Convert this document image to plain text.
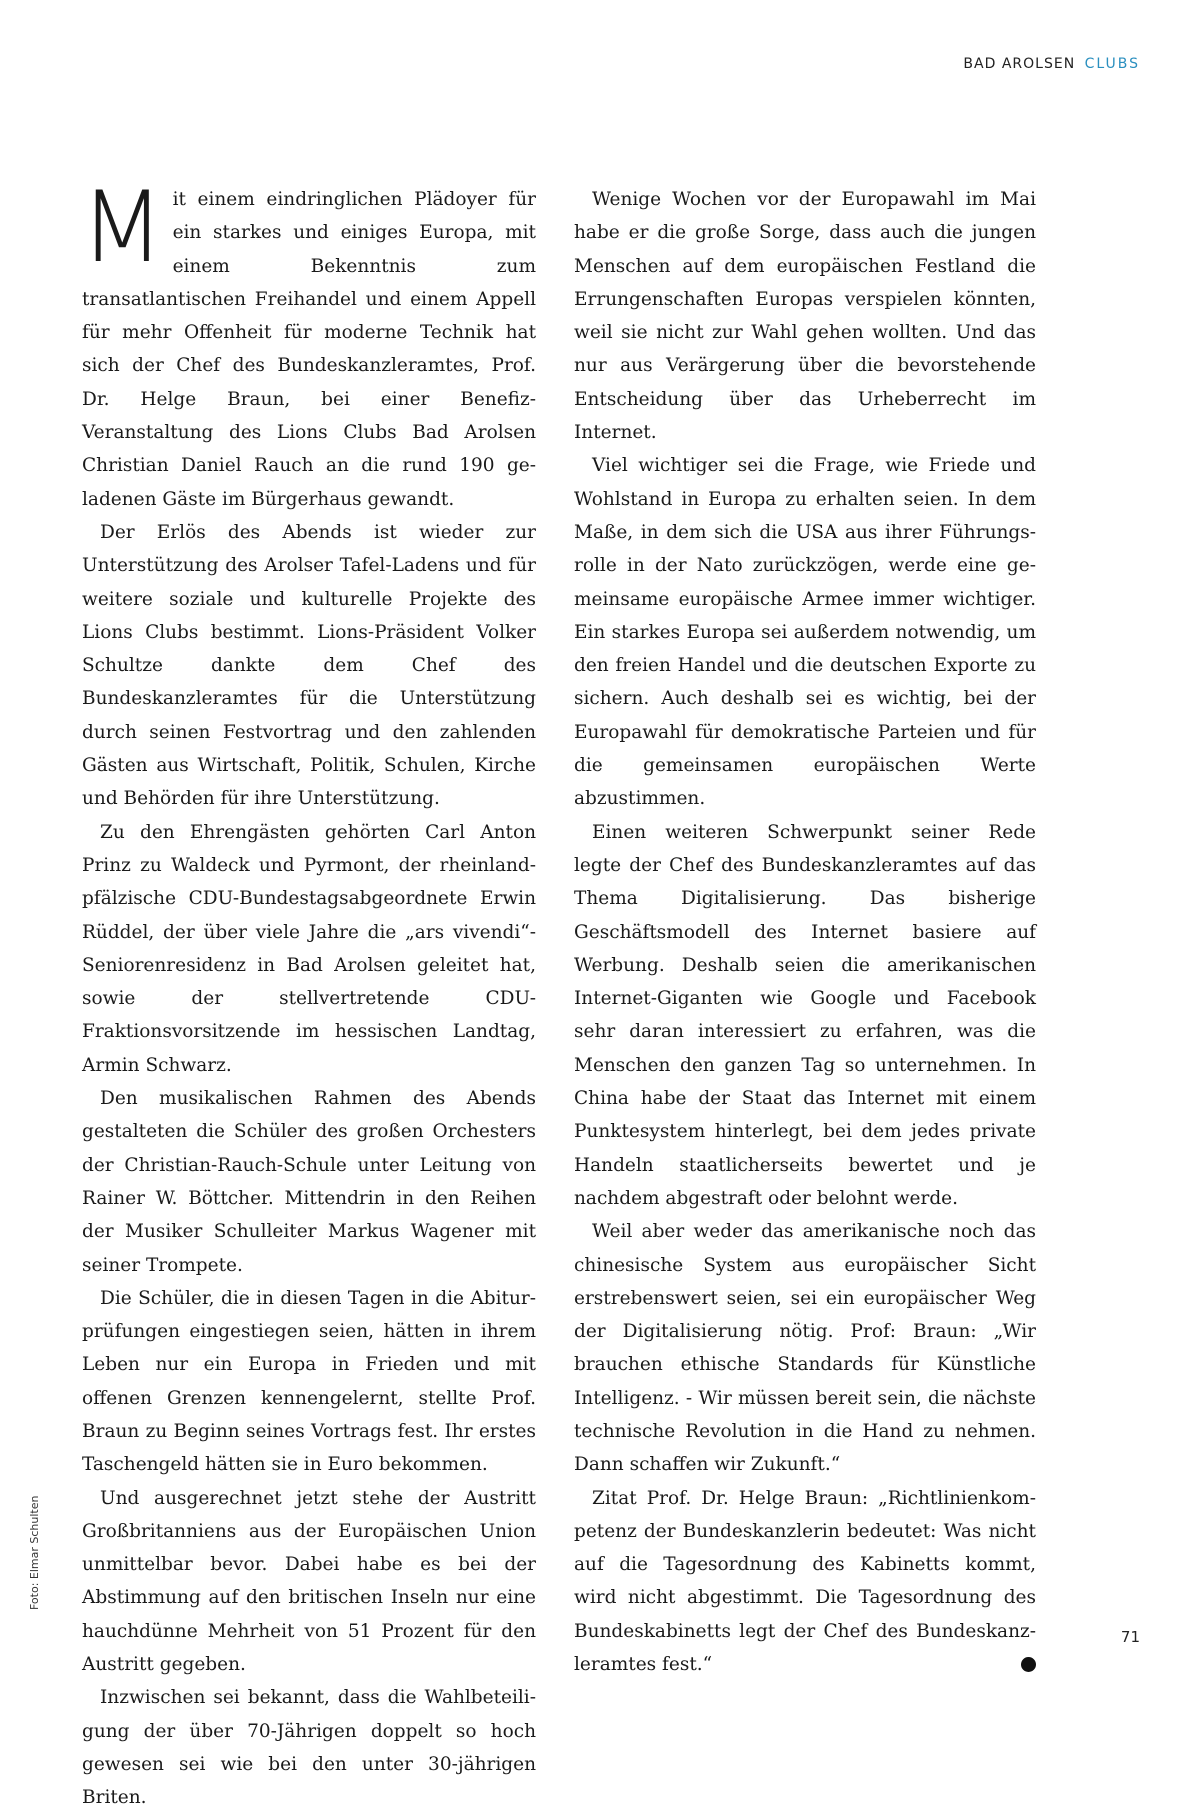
BAD AROLSEN CLUBS

Mit einem eindringlichen Plädoyer für ein starkes und einiges Europa, mit einem Bekenntnis zum transatlantischen Freihandel und einem Appell für mehr Offenheit für moderne Technik hat sich der Chef des Bundeskanzleramtes, Prof. Dr. Helge Braun, bei einer Benefiz-Veranstaltung des Lions Clubs Bad Arolsen Christian Daniel Rauch an die rund 190 geladenen Gäste im Bürgerhaus gewandt.

Der Erlös des Abends ist wieder zur Unterstützung des Arolser Tafel-Ladens und für weitere soziale und kulturelle Projekte des Lions Clubs bestimmt. Lions-Präsident Volker Schultze dankte dem Chef des Bundeskanzleramtes für die Unterstützung durch seinen Festvortrag und den zahlenden Gästen aus Wirtschaft, Politik, Schulen, Kirche und Behörden für ihre Unterstützung.

Zu den Ehrengästen gehörten Carl Anton Prinz zu Waldeck und Pyrmont, der rheinland-pfälzische CDU-Bundestagsabgeordnete Erwin Rüddel, der über viele Jahre die „ars vivendi“-Seniorenresidenz in Bad Arolsen geleitet hat, sowie der stellvertretende CDU-Fraktionsvorsitzende im hessischen Landtag, Armin Schwarz.

Den musikalischen Rahmen des Abends gestalteten die Schüler des großen Orchesters der Christian-Rauch-Schule unter Leitung von Rainer W. Böttcher. Mittendrin in den Reihen der Musiker Schulleiter Markus Wagener mit seiner Trompete.

Die Schüler, die in diesen Tagen in die Abiturprüfungen eingestiegen seien, hätten in ihrem Leben nur ein Europa in Frieden und mit offenen Grenzen kennengelernt, stellte Prof. Braun zu Beginn seines Vortrags fest. Ihr erstes Taschengeld hätten sie in Euro bekommen.

Und ausgerechnet jetzt stehe der Austritt Großbritanniens aus der Europäischen Union unmittelbar bevor. Dabei habe es bei der Abstimmung auf den britischen Inseln nur eine hauchdünne Mehrheit von 51 Prozent für den Austritt gegeben.

Inzwischen sei bekannt, dass die Wahlbeteiligung der über 70-Jährigen doppelt so hoch gewesen sei wie bei den unter 30-jährigen Briten.

Wenige Wochen vor der Europawahl im Mai habe er die große Sorge, dass auch die jungen Menschen auf dem europäischen Festland die Errungenschaften Europas verspielen könnten, weil sie nicht zur Wahl gehen wollten. Und das nur aus Verärgerung über die bevorstehende Entscheidung über das Urheberrecht im Internet.

Viel wichtiger sei die Frage, wie Friede und Wohlstand in Europa zu erhalten seien. In dem Maße, in dem sich die USA aus ihrer Führungsrolle in der Nato zurückzögen, werde eine gemeinsame europäische Armee immer wichtiger. Ein starkes Europa sei außerdem notwendig, um den freien Handel und die deutschen Exporte zu sichern. Auch deshalb sei es wichtig, bei der Europawahl für demokratische Parteien und für die gemeinsamen europäischen Werte abzustimmen.

Einen weiteren Schwerpunkt seiner Rede legte der Chef des Bundeskanzleramtes auf das Thema Digitalisierung. Das bisherige Geschäftsmodell des Internet basiere auf Werbung. Deshalb seien die amerikanischen Internet-Giganten wie Google und Facebook sehr daran interessiert zu erfahren, was die Menschen den ganzen Tag so unternehmen. In China habe der Staat das Internet mit einem Punktesystem hinterlegt, bei dem jedes private Handeln staatlicherseits bewertet und je nachdem abgestraft oder belohnt werde.

Weil aber weder das amerikanische noch das chinesische System aus europäischer Sicht erstrebenswert seien, sei ein europäischer Weg der Digitalisierung nötig. Prof: Braun: „Wir brauchen ethische Standards für Künstliche Intelligenz. - Wir müssen bereit sein, die nächste technische Revolution in die Hand zu nehmen. Dann schaffen wir Zukunft.“

Zitat Prof. Dr. Helge Braun: „Richtlinienkompetenz der Bundeskanzlerin bedeutet: Was nicht auf die Tagesordnung des Kabinetts kommt, wird nicht abgestimmt. Die Tagesordnung des Bundeskabinetts legt der Chef des Bundeskanzleramtes fest.“	L

Foto: Elmar Schulten
71
